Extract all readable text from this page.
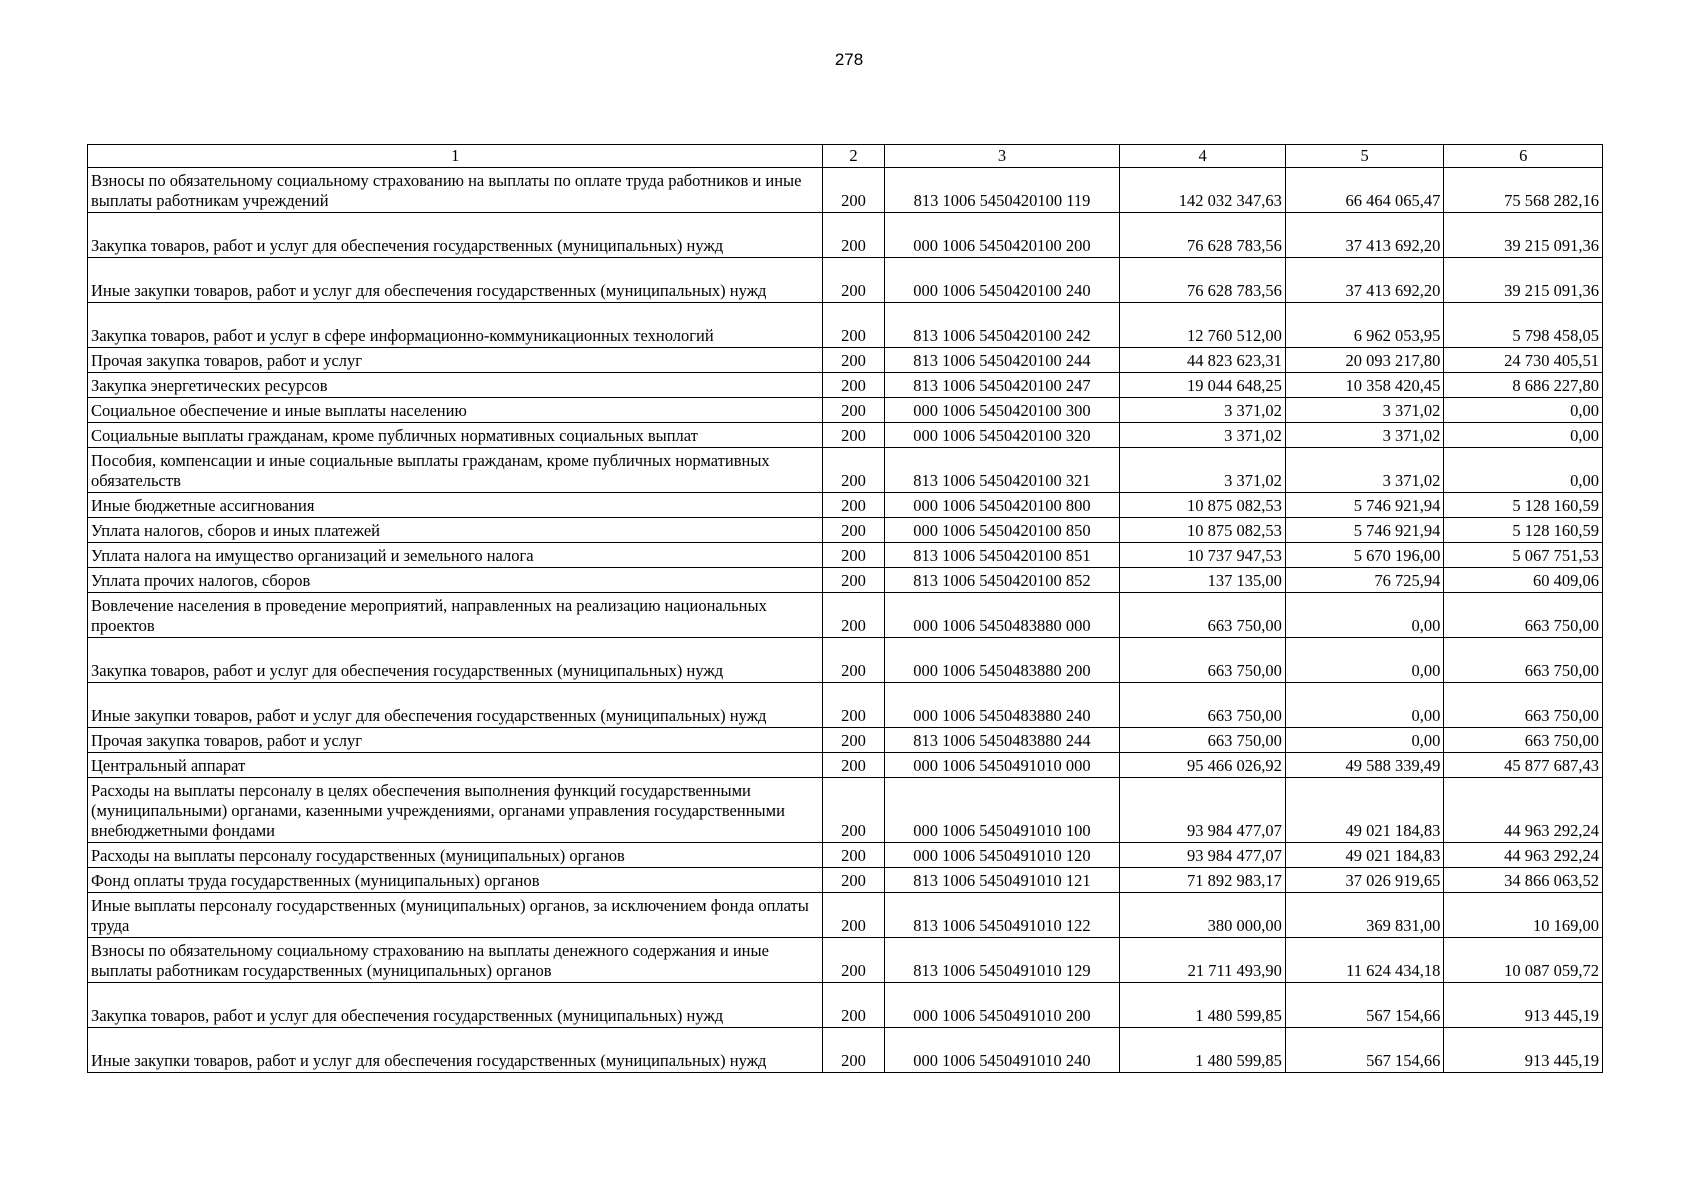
278
1	2	3	4	5	6
Взносы по обязательному социальному страхованию на выплаты по оплате труда работников и иные выплаты работникам учреждений	200	813 1006 5450420100 119	142 032 347,63	66 464 065,47	75 568 282,16
Закупка товаров, работ и услуг для обеспечения государственных (муниципальных) нужд	200	000 1006 5450420100 200	76 628 783,56	37 413 692,20	39 215 091,36
Иные закупки товаров, работ и услуг для обеспечения государственных (муниципальных) нужд	200	000 1006 5450420100 240	76 628 783,56	37 413 692,20	39 215 091,36
Закупка товаров, работ и услуг в сфере информационно-коммуникационных технологий	200	813 1006 5450420100 242	12 760 512,00	6 962 053,95	5 798 458,05
Прочая закупка товаров, работ и услуг	200	813 1006 5450420100 244	44 823 623,31	20 093 217,80	24 730 405,51
Закупка энергетических ресурсов	200	813 1006 5450420100 247	19 044 648,25	10 358 420,45	8 686 227,80
Социальное обеспечение и иные выплаты населению	200	000 1006 5450420100 300	3 371,02	3 371,02	0,00
Социальные выплаты гражданам, кроме публичных нормативных социальных выплат	200	000 1006 5450420100 320	3 371,02	3 371,02	0,00
Пособия, компенсации и иные социальные выплаты гражданам, кроме публичных нормативных обязательств	200	813 1006 5450420100 321	3 371,02	3 371,02	0,00
Иные бюджетные ассигнования	200	000 1006 5450420100 800	10 875 082,53	5 746 921,94	5 128 160,59
Уплата налогов, сборов и иных платежей	200	000 1006 5450420100 850	10 875 082,53	5 746 921,94	5 128 160,59
Уплата налога на имущество организаций и земельного налога	200	813 1006 5450420100 851	10 737 947,53	5 670 196,00	5 067 751,53
Уплата прочих налогов, сборов	200	813 1006 5450420100 852	137 135,00	76 725,94	60 409,06
Вовлечение населения в проведение мероприятий, направленных на реализацию национальных проектов	200	000 1006 5450483880 000	663 750,00	0,00	663 750,00
Закупка товаров, работ и услуг для обеспечения государственных (муниципальных) нужд	200	000 1006 5450483880 200	663 750,00	0,00	663 750,00
Иные закупки товаров, работ и услуг для обеспечения государственных (муниципальных) нужд	200	000 1006 5450483880 240	663 750,00	0,00	663 750,00
Прочая закупка товаров, работ и услуг	200	813 1006 5450483880 244	663 750,00	0,00	663 750,00
Центральный аппарат	200	000 1006 5450491010 000	95 466 026,92	49 588 339,49	45 877 687,43
Расходы на выплаты персоналу в целях обеспечения выполнения функций государственными (муниципальными) органами, казенными учреждениями, органами управления государственными внебюджетными фондами	200	000 1006 5450491010 100	93 984 477,07	49 021 184,83	44 963 292,24
Расходы на выплаты персоналу государственных (муниципальных) органов	200	000 1006 5450491010 120	93 984 477,07	49 021 184,83	44 963 292,24
Фонд оплаты труда государственных (муниципальных) органов	200	813 1006 5450491010 121	71 892 983,17	37 026 919,65	34 866 063,52
Иные выплаты персоналу государственных (муниципальных) органов, за исключением фонда оплаты труда	200	813 1006 5450491010 122	380 000,00	369 831,00	10 169,00
Взносы по обязательному социальному страхованию на выплаты денежного содержания и иные выплаты работникам государственных (муниципальных) органов	200	813 1006 5450491010 129	21 711 493,90	11 624 434,18	10 087 059,72
Закупка товаров, работ и услуг для обеспечения государственных (муниципальных) нужд	200	000 1006 5450491010 200	1 480 599,85	567 154,66	913 445,19
Иные закупки товаров, работ и услуг для обеспечения государственных (муниципальных) нужд	200	000 1006 5450491010 240	1 480 599,85	567 154,66	913 445,19
